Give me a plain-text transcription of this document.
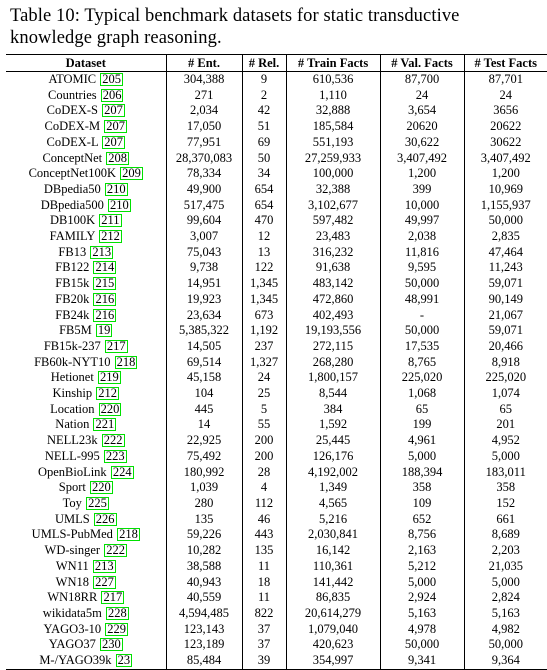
Table 10: Typical benchmark datasets for static transductive knowledge graph reasoning.
Dataset	# Ent.	# Rel.	# Train Facts	# Val. Facts	# Test Facts
ATOMIC 205	304,388	9	610,536	87,700	87,701
Countries 206	271	2	1,110	24	24
CoDEX-S 207	2,034	42	32,888	3,654	3656
CoDEX-M 207	17,050	51	185,584	20620	20622
CoDEX-L 207	77,951	69	551,193	30,622	30622
ConceptNet 208	28,370,083	50	27,259,933	3,407,492	3,407,492
ConceptNet100K 209	78,334	34	100,000	1,200	1,200
DBpedia50 210	49,900	654	32,388	399	10,969
DBpedia500 210	517,475	654	3,102,677	10,000	1,155,937
DB100K 211	99,604	470	597,482	49,997	50,000
FAMILY 212	3,007	12	23,483	2,038	2,835
FB13 213	75,043	13	316,232	11,816	47,464
FB122 214	9,738	122	91,638	9,595	11,243
FB15k 215	14,951	1,345	483,142	50,000	59,071
FB20k 216	19,923	1,345	472,860	48,991	90,149
FB24k 216	23,634	673	402,493	-	21,067
FB5M 19	5,385,322	1,192	19,193,556	50,000	59,071
FB15k-237 217	14,505	237	272,115	17,535	20,466
FB60k-NYT10 218	69,514	1,327	268,280	8,765	8,918
Hetionet 219	45,158	24	1,800,157	225,020	225,020
Kinship 212	104	25	8,544	1,068	1,074
Location 220	445	5	384	65	65
Nation 221	14	55	1,592	199	201
NELL23k 222	22,925	200	25,445	4,961	4,952
NELL-995 223	75,492	200	126,176	5,000	5,000
OpenBioLink 224	180,992	28	4,192,002	188,394	183,011
Sport 220	1,039	4	1,349	358	358
Toy 225	280	112	4,565	109	152
UMLS 226	135	46	5,216	652	661
UMLS-PubMed 218	59,226	443	2,030,841	8,756	8,689
WD-singer 222	10,282	135	16,142	2,163	2,203
WN11 213	38,588	11	110,361	5,212	21,035
WN18 227	40,943	18	141,442	5,000	5,000
WN18RR 217	40,559	11	86,835	2,924	2,824
wikidata5m 228	4,594,485	822	20,614,279	5,163	5,163
YAGO3-10 229	123,143	37	1,079,040	4,978	4,982
YAGO37 230	123,189	37	420,623	50,000	50,000
M-/YAGO39k 23	85,484	39	354,997	9,341	9,364
